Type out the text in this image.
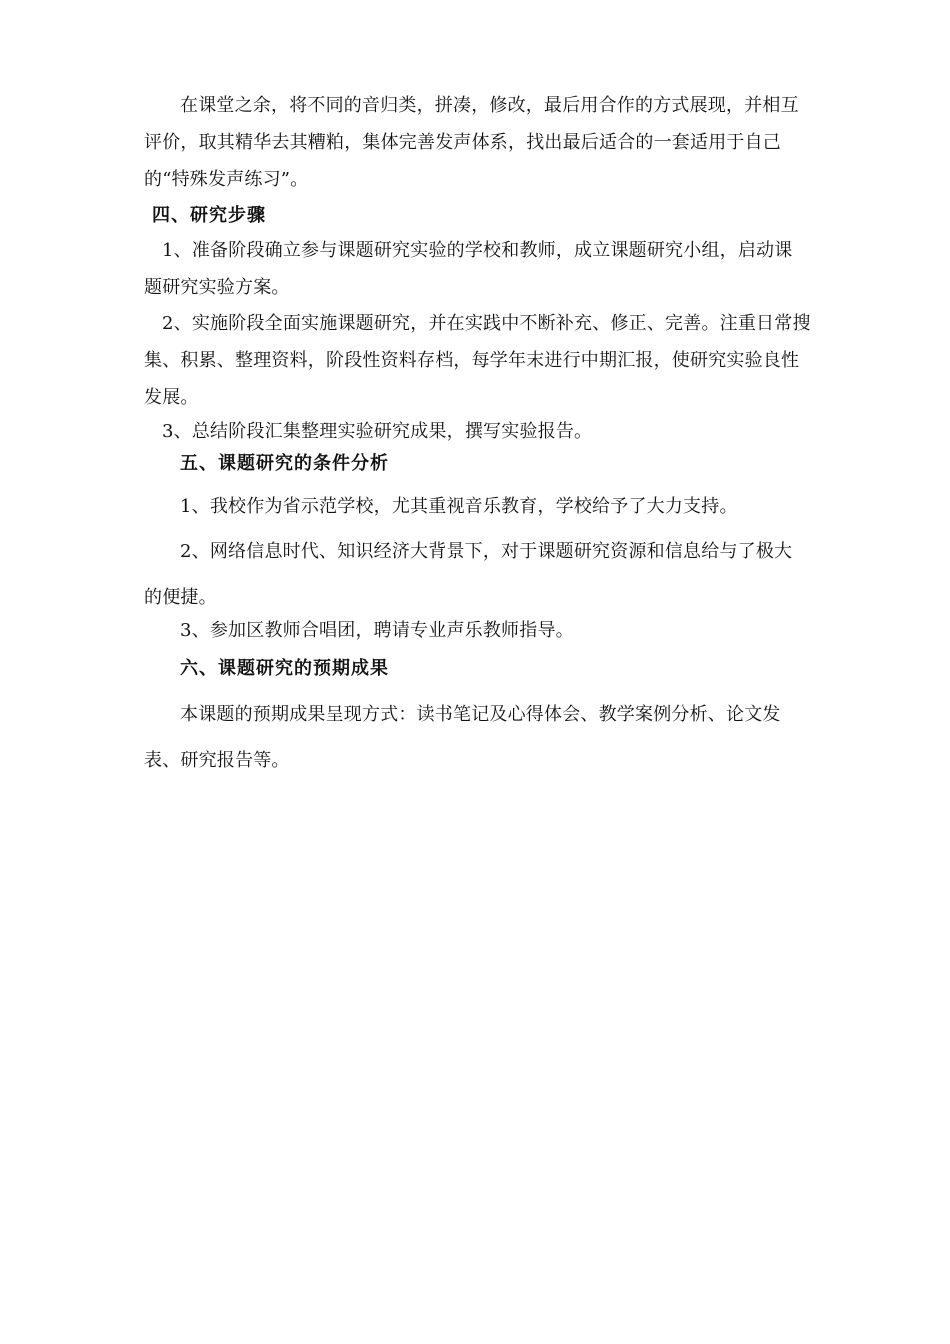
在课堂之余，将不同的音归类，拼凑，修改，最后用合作的方式展现，并相互
评价，取其精华去其糟粕，集体完善发声体系，找出最后适合的一套适用于自己
的“特殊发声练习”。
四、研究步骤
1、准备阶段确立参与课题研究实验的学校和教师，成立课题研究小组，启动课
题研究实验方案。
2、实施阶段全面实施课题研究，并在实践中不断补充、修正、完善。注重日常搜
集、积累、整理资料，阶段性资料存档，每学年末进行中期汇报，使研究实验良性
发展。
3、总结阶段汇集整理实验研究成果，撰写实验报告。
五、课题研究的条件分析
1、我校作为省示范学校，尤其重视音乐教育，学校给予了大力支持。
2、网络信息时代、知识经济大背景下，对于课题研究资源和信息给与了极大
的便捷。
3、参加区教师合唱团，聘请专业声乐教师指导。
六、课题研究的预期成果
本课题的预期成果呈现方式：读书笔记及心得体会、教学案例分析、论文发
表、研究报告等。
